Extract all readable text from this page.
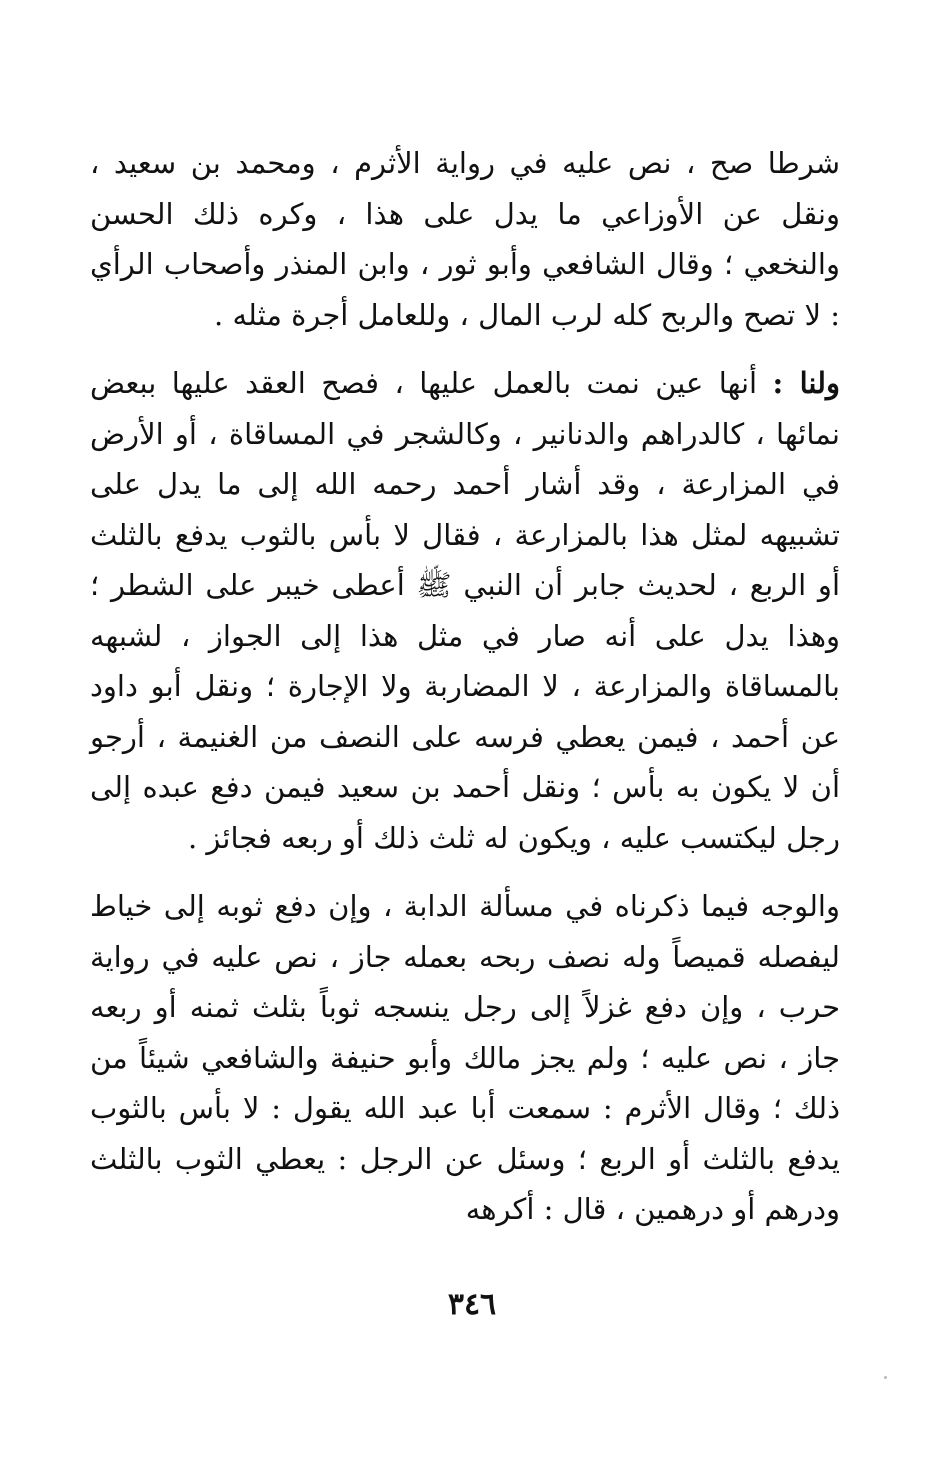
شرطا صح ، نص عليه في رواية الأثرم ، ومحمد بن سعيد ، ونقل عن الأوزاعي ما يدل على هذا ، وكره ذلك الحسن والنخعي ؛ وقال الشافعي وأبو ثور ، وابن المنذر وأصحاب الرأي : لا تصح والربح كله لرب المال ، وللعامل أجرة مثله .

ولنا : أنها عين نمت بالعمل عليها ، فصح العقد عليها ببعض نمائها ، كالدراهم والدنانير ، وكالشجر في المساقاة ، أو الأرض في المزارعة ، وقد أشار أحمد رحمه الله إلى ما يدل على تشبيهه لمثل هذا بالمزارعة ، فقال لا بأس بالثوب يدفع بالثلث أو الربع ، لحديث جابر أن النبي ﷺ أعطى خيبر على الشطر ؛ وهذا يدل على أنه صار في مثل هذا إلى الجواز ، لشبهه بالمساقاة والمزارعة ، لا المضاربة ولا الإجارة ؛ ونقل أبو داود عن أحمد ، فيمن يعطي فرسه على النصف من الغنيمة ، أرجو أن لا يكون به بأس ؛ ونقل أحمد بن سعيد فيمن دفع عبده إلى رجل ليكتسب عليه ، ويكون له ثلث ذلك أو ربعه فجائز .

والوجه فيما ذكرناه في مسألة الدابة ، وإن دفع ثوبه إلى خياط ليفصله قميصاً وله نصف ربحه بعمله جاز ، نص عليه في رواية حرب ، وإن دفع غزلاً إلى رجل ينسجه ثوباً بثلث ثمنه أو ربعه جاز ، نص عليه ؛ ولم يجز مالك وأبو حنيفة والشافعي شيئاً من ذلك ؛ وقال الأثرم : سمعت أبا عبد الله يقول : لا بأس بالثوب يدفع بالثلث أو الربع ؛ وسئل عن الرجل : يعطي الثوب بالثلث ودرهم أو درهمين ، قال : أكرهه

٣٤٦
